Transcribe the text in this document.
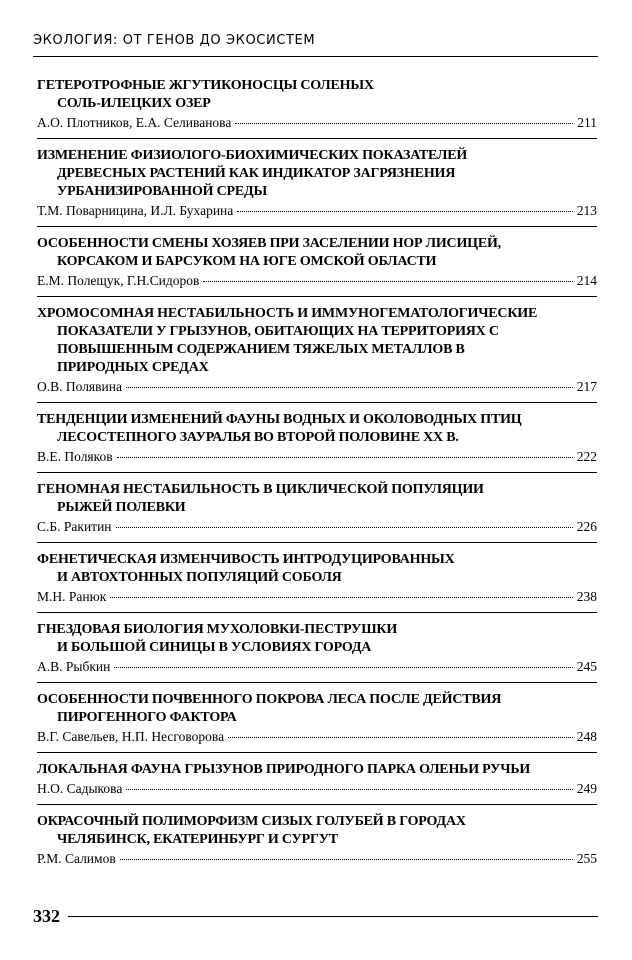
ЭКОЛОГИЯ: ОТ ГЕНОВ ДО ЭКОСИСТЕМ
ГЕТЕРОТРОФНЫЕ ЖГУТИКОНОСЦЫ СОЛЕНЫХ
СОЛЬ-ИЛЕЦКИХ ОЗЕР
А.О. Плотников, Е.А. Селиванова	211
ИЗМЕНЕНИЕ ФИЗИОЛОГО-БИОХИМИЧЕСКИХ ПОКАЗАТЕЛЕЙ
ДРЕВЕСНЫХ РАСТЕНИЙ КАК ИНДИКАТОР ЗАГРЯЗНЕНИЯ
УРБАНИЗИРОВАННОЙ СРЕДЫ
Т.М. Поварницина, И.Л. Бухарина	213
ОСОБЕННОСТИ СМЕНЫ ХОЗЯЕВ ПРИ ЗАСЕЛЕНИИ НОР ЛИСИЦЕЙ,
КОРСАКОМ И БАРСУКОМ НА ЮГЕ ОМСКОЙ ОБЛАСТИ
Е.М. Полещук, Г.Н.Сидоров	214
ХРОМОСОМНАЯ НЕСТАБИЛЬНОСТЬ И ИММУНОГЕМАТОЛОГИЧЕСКИЕ
ПОКАЗАТЕЛИ У ГРЫЗУНОВ, ОБИТАЮЩИХ НА ТЕРРИТОРИЯХ С
ПОВЫШЕННЫМ СОДЕРЖАНИЕМ ТЯЖЕЛЫХ МЕТАЛЛОВ В
ПРИРОДНЫХ СРЕДАХ
О.В. Полявина	217
ТЕНДЕНЦИИ ИЗМЕНЕНИЙ ФАУНЫ ВОДНЫХ И ОКОЛОВОДНЫХ ПТИЦ
ЛЕСОСТЕПНОГО ЗАУРАЛЬЯ ВО ВТОРОЙ ПОЛОВИНЕ XX В.
В.Е. Поляков	222
ГЕНОМНАЯ НЕСТАБИЛЬНОСТЬ В ЦИКЛИЧЕСКОЙ ПОПУЛЯЦИИ
РЫЖЕЙ ПОЛЕВКИ
С.Б. Ракитин	226
ФЕНЕТИЧЕСКАЯ ИЗМЕНЧИВОСТЬ ИНТРОДУЦИРОВАННЫХ
И АВТОХТОННЫХ ПОПУЛЯЦИЙ СОБОЛЯ
М.Н. Ранюк	238
ГНЕЗДОВАЯ БИОЛОГИЯ МУХОЛОВКИ-ПЕСТРУШКИ
И БОЛЬШОЙ СИНИЦЫ В УСЛОВИЯХ ГОРОДА
А.В. Рыбкин	245
ОСОБЕННОСТИ ПОЧВЕННОГО ПОКРОВА ЛЕСА ПОСЛЕ ДЕЙСТВИЯ
ПИРОГЕННОГО ФАКТОРА
В.Г. Савельев, Н.П. Несговорова	248
ЛОКАЛЬНАЯ ФАУНА ГРЫЗУНОВ ПРИРОДНОГО ПАРКА ОЛЕНЬИ РУЧЬИ
Н.О. Садыкова	249
ОКРАСОЧНЫЙ ПОЛИМОРФИЗМ СИЗЫХ ГОЛУБЕЙ В ГОРОДАХ
ЧЕЛЯБИНСК, ЕКАТЕРИНБУРГ И СУРГУТ
Р.М. Салимов	255
332
